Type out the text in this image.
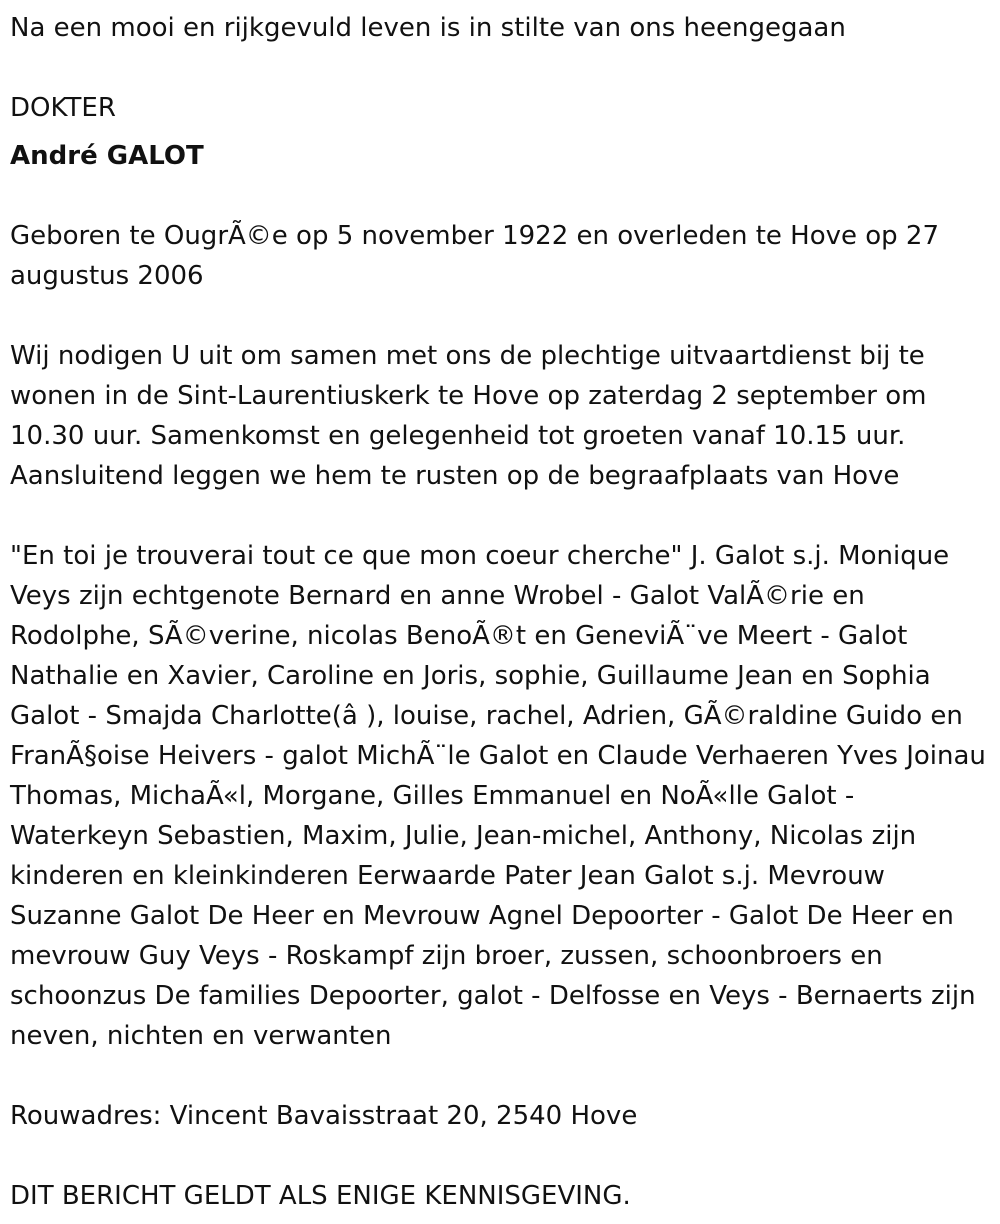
Na een mooi en rijkgevuld leven is in stilte van ons heengegaan

DOKTER

André GALOT

Geboren te OugrÃ©e op 5 november 1922 en overleden te Hove op 27 augustus 2006

Wij nodigen U uit om samen met ons de plechtige uitvaartdienst bij te wonen in de Sint-Laurentiuskerk te Hove op zaterdag 2 september om 10.30 uur. Samenkomst en gelegenheid tot groeten vanaf 10.15 uur. Aansluitend leggen we hem te rusten op de begraafplaats van Hove

"En toi je trouverai tout ce que mon coeur cherche" J. Galot s.j. Monique Veys zijn echtgenote Bernard en anne Wrobel - Galot ValÃ©rie en Rodolphe, SÃ©verine, nicolas BenoÃ®t en GeneviÃ¨ve Meert - Galot Nathalie en Xavier, Caroline en Joris, sophie, Guillaume Jean en Sophia Galot - Smajda Charlotte(â ), louise, rachel, Adrien, GÃ©raldine Guido en FranÃ§oise Heivers - galot MichÃ¨le Galot en Claude Verhaeren Yves Joinau Thomas, MichaÃ«l, Morgane, Gilles Emmanuel en NoÃ«lle Galot - Waterkeyn Sebastien, Maxim, Julie, Jean-michel, Anthony, Nicolas zijn kinderen en kleinkinderen Eerwaarde Pater Jean Galot s.j. Mevrouw Suzanne Galot De Heer en Mevrouw Agnel Depoorter - Galot De Heer en mevrouw Guy Veys - Roskampf zijn broer, zussen, schoonbroers en schoonzus De families Depoorter, galot - Delfosse en Veys - Bernaerts zijn neven, nichten en verwanten

Rouwadres: Vincent Bavaisstraat 20, 2540 Hove

DIT BERICHT GELDT ALS ENIGE KENNISGEVING.
